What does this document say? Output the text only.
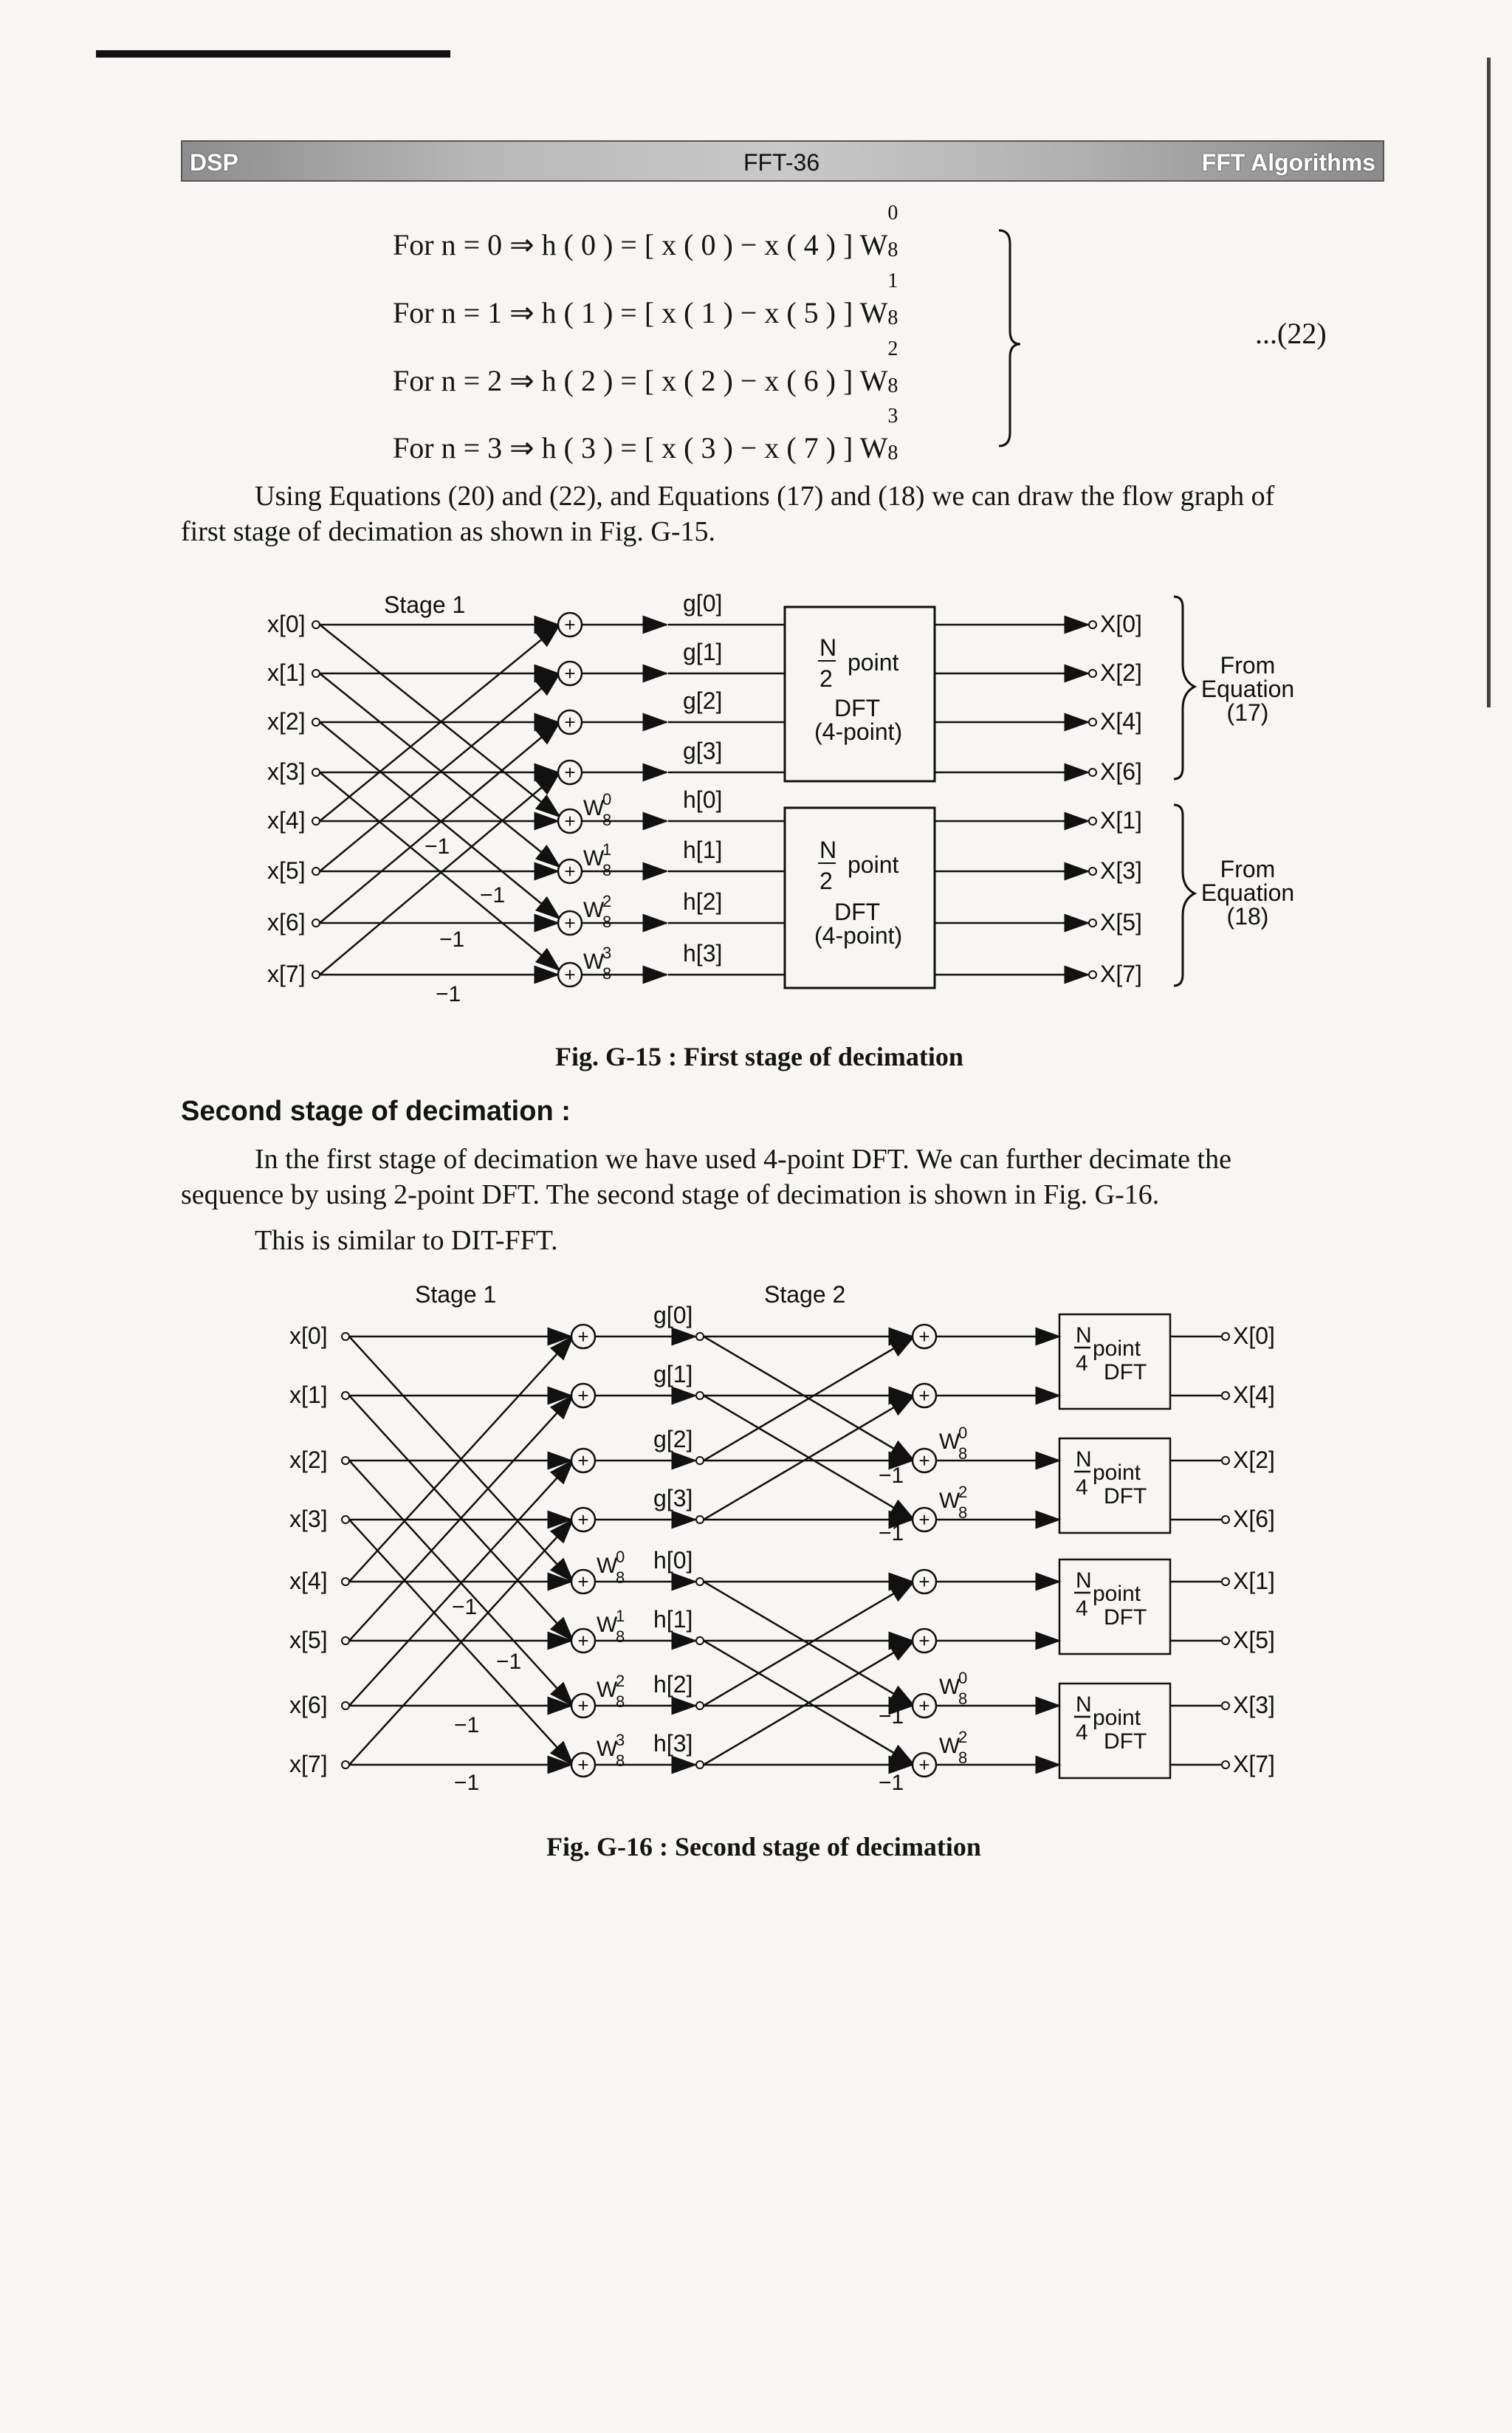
DSP	FFT-36	FFT Algorithms
For n = 0 ⇒ h ( 0 ) = [ x ( 0 ) − x ( 4 ) ] W
0
8
For n = 1 ⇒ h ( 1 ) = [ x ( 1 ) − x ( 5 ) ] W
1
8
For n = 2 ⇒ h ( 2 ) = [ x ( 2 ) − x ( 6 ) ] W
2
8
For n = 3 ⇒ h ( 3 ) = [ x ( 3 ) − x ( 7 ) ] W
3
8
...(22)
Using Equations (20) and (22), and Equations (17) and (18) we can draw the flow graph of
first stage of decimation as shown in Fig. G-15.
Stage 1
x[0]
x[1]
x[2]
x[3]
x[4]
x[5]
x[6]
x[7]
+
g[0]
+
g[1]
+
g[2]
+
g[3]
+
h[0]
+
h[1]
+
h[2]
+
h[3]
W
0
8
W
1
8
W
2
8
W
3
8
−1
−1
−1
−1
N
2
point
DFT
(4-point)
N
2
point
DFT
(4-point)
X[0]
X[2]
X[4]
X[6]
X[1]
X[3]
X[5]
X[7]
From
Equation
(17)
From
Equation
(18)
Stage 1	Stage 2
x[0]
x[1]
x[2]
x[3]
x[4]
x[5]
x[6]
x[7]
+
g[0]
+
+
g[1]
+
+
g[2]
+
+
g[3]
+
+
h[0]
+
+
h[1]
+
+
h[2]
+
+
h[3]
+
W
0
8
W
1
8
W
2
8
W
3
8
W
0
8
W
2
8
W
0
8
W
2
8
−1
−1
−1
−1
−1
−1
−1
−1
N
4
point
DFT
X[0]
X[4]
N
4
point
DFT
X[2]
X[6]
N
4
point
DFT
X[1]
X[5]
N
4
point
DFT
X[3]
X[7]
Fig. G-15 : First stage of decimation
Second stage of decimation :
In the first stage of decimation we have used 4-point DFT. We can further decimate the
sequence by using 2-point DFT. The second stage of decimation is shown in Fig. G-16.
This is similar to DIT-FFT.
Fig. G-16 : Second stage of decimation
